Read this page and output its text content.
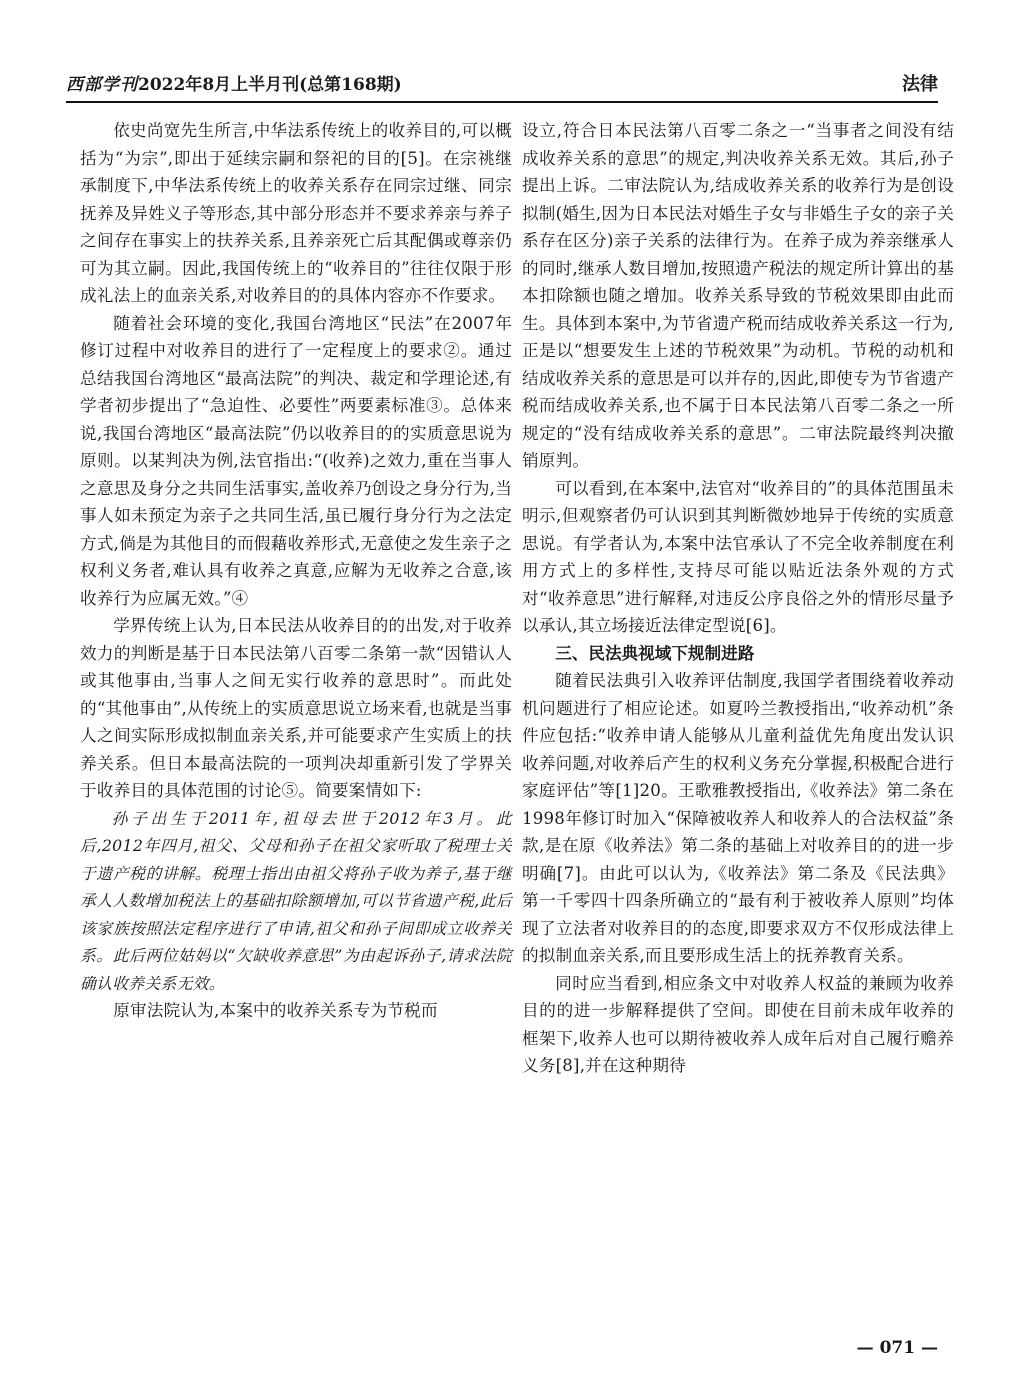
西部学刊2022年8月上半月刊(总第168期)	法律

依史尚宽先生所言,中华法系传统上的收养目的,可以概括为“为宗”,即出于延续宗嗣和祭祀的目的[5]。在宗祧继承制度下,中华法系传统上的收养关系存在同宗过继、同宗抚养及异姓义子等形态,其中部分形态并不要求养亲与养子之间存在事实上的扶养关系,且养亲死亡后其配偶或尊亲仍可为其立嗣。因此,我国传统上的“收养目的”往往仅限于形成礼法上的血亲关系,对收养目的的具体内容亦不作要求。

随着社会环境的变化,我国台湾地区“民法”在2007年修订过程中对收养目的进行了一定程度上的要求②。通过总结我国台湾地区“最高法院”的判决、裁定和学理论述,有学者初步提出了“急迫性、必要性”两要素标准③。总体来说,我国台湾地区“最高法院”仍以收养目的的实质意思说为原则。以某判决为例,法官指出:“(收养)之效力,重在当事人之意思及身分之共同生活事实,盖收养乃创设之身分行为,当事人如未预定为亲子之共同生活,虽已履行身分行为之法定方式,倘是为其他目的而假藉收养形式,无意使之发生亲子之权利义务者,难认具有收养之真意,应解为无收养之合意,该收养行为应属无效。”④

学界传统上认为,日本民法从收养目的的出发,对于收养效力的判断是基于日本民法第八百零二条第一款“因错认人或其他事由,当事人之间无实行收养的意思时”。而此处的“其他事由”,从传统上的实质意思说立场来看,也就是当事人之间实际形成拟制血亲关系,并可能要求产生实质上的扶养关系。但日本最高法院的一项判决却重新引发了学界关于收养目的具体范围的讨论⑤。简要案情如下:

孙子出生于2011年,祖母去世于2012年3月。此后,2012年四月,祖父、父母和孙子在祖父家听取了税理士关于遗产税的讲解。税理士指出由祖父将孙子收为养子,基于继承人人数增加税法上的基础扣除额增加,可以节省遗产税,此后该家族按照法定程序进行了申请,祖父和孙子间即成立收养关系。此后两位姑妈以“欠缺收养意思”为由起诉孙子,请求法院确认收养关系无效。

原审法院认为,本案中的收养关系专为节税而

设立,符合日本民法第八百零二条之一“当事者之间没有结成收养关系的意思”的规定,判决收养关系无效。其后,孙子提出上诉。二审法院认为,结成收养关系的收养行为是创设拟制(婚生,因为日本民法对婚生子女与非婚生子女的亲子关系存在区分)亲子关系的法律行为。在养子成为养亲继承人的同时,继承人数目增加,按照遗产税法的规定所计算出的基本扣除额也随之增加。收养关系导致的节税效果即由此而生。具体到本案中,为节省遗产税而结成收养关系这一行为,正是以“想要发生上述的节税效果”为动机。节税的动机和结成收养关系的意思是可以并存的,因此,即使专为节省遗产税而结成收养关系,也不属于日本民法第八百零二条之一所规定的“没有结成收养关系的意思”。二审法院最终判决撤销原判。

可以看到,在本案中,法官对“收养目的”的具体范围虽未明示,但观察者仍可认识到其判断微妙地异于传统的实质意思说。有学者认为,本案中法官承认了不完全收养制度在利用方式上的多样性,支持尽可能以贴近法条外观的方式对“收养意思”进行解释,对违反公序良俗之外的情形尽量予以承认,其立场接近法律定型说[6]。

三、民法典视域下规制进路

随着民法典引入收养评估制度,我国学者围绕着收养动机问题进行了相应论述。如夏吟兰教授指出,“收养动机”条件应包括:“收养申请人能够从儿童利益优先角度出发认识收养问题,对收养后产生的权利义务充分掌握,积极配合进行家庭评估”等[1]20。王歌雅教授指出,《收养法》第二条在1998年修订时加入“保障被收养人和收养人的合法权益”条款,是在原《收养法》第二条的基础上对收养目的的进一步明确[7]。由此可以认为,《收养法》第二条及《民法典》第一千零四十四条所确立的“最有利于被收养人原则”均体现了立法者对收养目的的态度,即要求双方不仅形成法律上的拟制血亲关系,而且要形成生活上的抚养教育关系。

同时应当看到,相应条文中对收养人权益的兼顾为收养目的的进一步解释提供了空间。即使在目前未成年收养的框架下,收养人也可以期待被收养人成年后对自己履行赡养义务[8],并在这种期待

— 071 —
